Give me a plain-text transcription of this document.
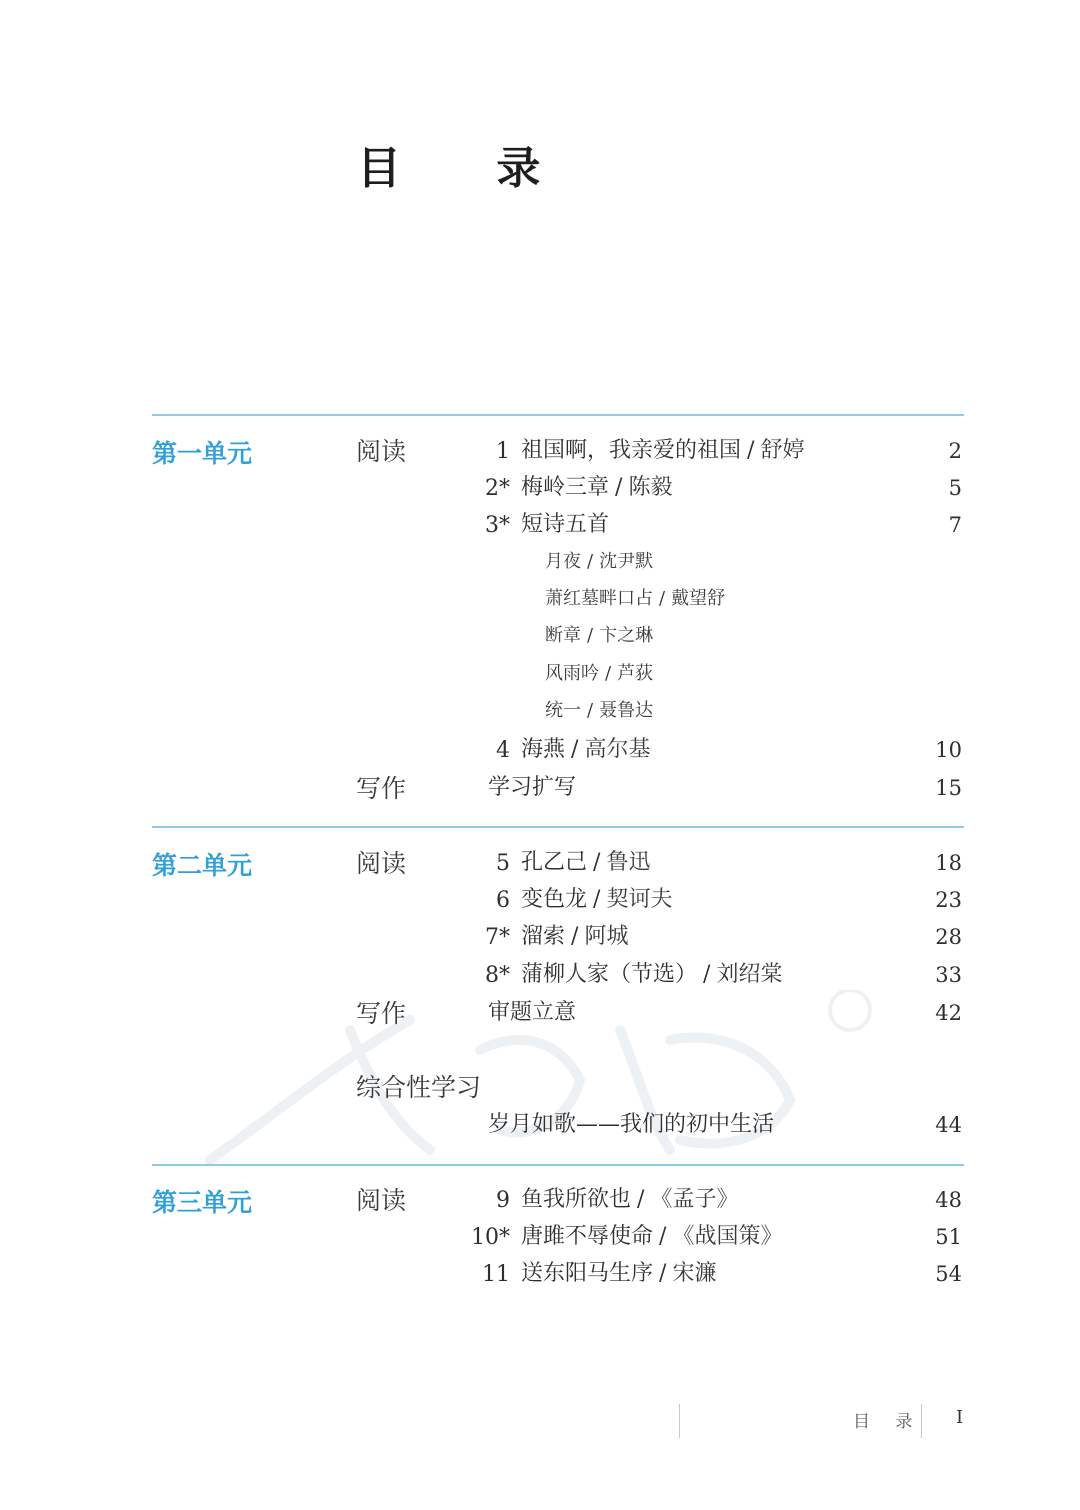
目 录
第一单元	阅读	1 祖国啊，我亲爱的祖国 / 舒婷	2
2* 梅岭三章 / 陈毅	5
3* 短诗五首	7
月夜 / 沈尹默
萧红墓畔口占 / 戴望舒
断章 / 卞之琳
风雨吟 / 芦荻
统一 / 聂鲁达
4 海燕 / 高尔基	10
写作	学习扩写	15
第二单元	阅读	5 孔乙己 / 鲁迅	18
6 变色龙 / 契诃夫	23
7* 溜索 / 阿城	28
8* 蒲柳人家（节选） / 刘绍棠	33
写作	审题立意	42
综合性学习
岁月如歌——我们的初中生活	44
第三单元	阅读	9 鱼我所欲也 / 《孟子》	48
10* 唐雎不辱使命 / 《战国策》	51
11 送东阳马生序 / 宋濂	54
目 录 I
